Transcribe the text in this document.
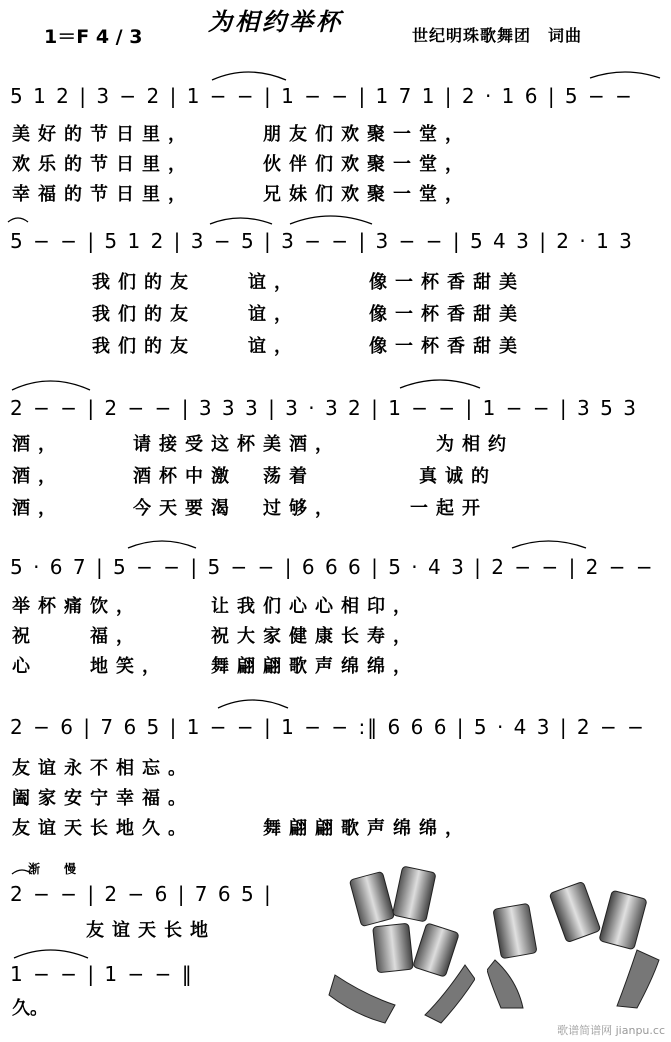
1＝F 4 / 3
为相约举杯	世纪明珠歌舞团　词曲
5 1 2 | 3 − 2 | 1 − − | 1 − − | 1 7 1 | 2 · 1 6 | 5 − −
美好的节日里，　　　朋友们欢聚一堂，
欢乐的节日里，　　　伙伴们欢聚一堂，
幸福的节日里，　　　兄妹们欢聚一堂，
5 − − | 5 1 2 | 3 − 5 | 3 − − | 3 − − | 5 4 3 | 2 · 1 3
我们的友　　谊，　　　像一杯香甜美
我们的友　　谊，　　　像一杯香甜美
我们的友　　谊，　　　像一杯香甜美
2 − − | 2 − − | 3 3 3 | 3 · 3 2 | 1 − − | 1 − − | 3 5 3
酒，　　　请接受这杯美酒，　　　　为相约
酒，　　　酒杯中激　荡着　　　　真诚的
酒，　　　今天要渴　过够，　　　一起开
5 · 6 7 | 5 − − | 5 − − | 6 6 6 | 5 · 4 3 | 2 − − | 2 − −
举杯痛饮，　　　让我们心心相印，
祝　　福，　　　祝大家健康长寿，
心　　地笑，　　舞翩翩歌声绵绵，
2 − 6 | 7 6 5 | 1 − − | 1 − − :‖ 6 6 6 | 5 · 4 3 | 2 − −
友谊永不相忘。
阖家安宁幸福。
友谊天长地久。　　　舞翩翩歌声绵绵，
渐　　慢
2 − − | 2 − 6 | 7 6 5 |
友谊天长地
1 − − | 1 − − ‖
久。
歌谱简谱网 jianpu.cc
